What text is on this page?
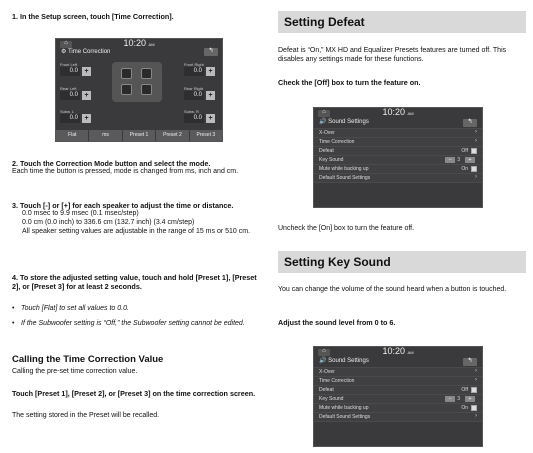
1. In the Setup screen, touch [Time Correction].
⌂	10:20 AM
↰
⚙ Time Correction
Front Left
0.0 +
Front Right
0.0 +
Rear Left
0.0 +
Rear Right
0.0 +
Subw. L
0.0 +
Subw. R
0.0 +
Flat	ms	Preset 1	Preset 2	Preset 3
2. Touch the Correction Mode button and select the mode.
Each time the button is pressed, mode is changed from ms, inch and cm.
3. Touch [-] or [+] for each speaker to adjust the time or distance.
0.0 msec to 9.9 msec (0.1 msec/step)
0.0 cm (0.0 inch) to 336.6 cm (132.7 inch) (3.4 cm/step)
All speaker setting values are adjustable in the range of 15 ms or 510 cm.
4. To store the adjusted setting value, touch and hold [Preset 1], [Preset 2], or [Preset 3] for at least 2 seconds.
• Touch [Flat] to set all values to 0.0.
• If the Subwoofer setting is “Off,” the Subwoofer setting cannot be edited.
Calling the Time Correction Value
Calling the pre-set time correction value.
Touch [Preset 1], [Preset 2], or [Preset 3] on the time correction screen.
The setting stored in the Preset will be recalled.
Setting Defeat
Defeat is “On,” MX HD and Equalizer Presets features are turned off. This disables any settings made for these functions.
Check the [Off] box to turn the feature on.
⌂	10:20 AM
🔊 Sound Settings	↰
X-Over	›
Time Correction	›
Defeat	Off
Key Sound	−	3	+
Mute while backing up	On
Default Sound Settings	›
Uncheck the [On] box to turn the feature off.
Setting Key Sound
You can change the volume of the sound heard when a button is touched.
Adjust the sound level from 0 to 6.
⌂	10:20 AM
🔊 Sound Settings	↰
X-Over	›
Time Correction	›
Defeat	Off
Key Sound	−	3	+
Mute while backing up	On
Default Sound Settings	›
